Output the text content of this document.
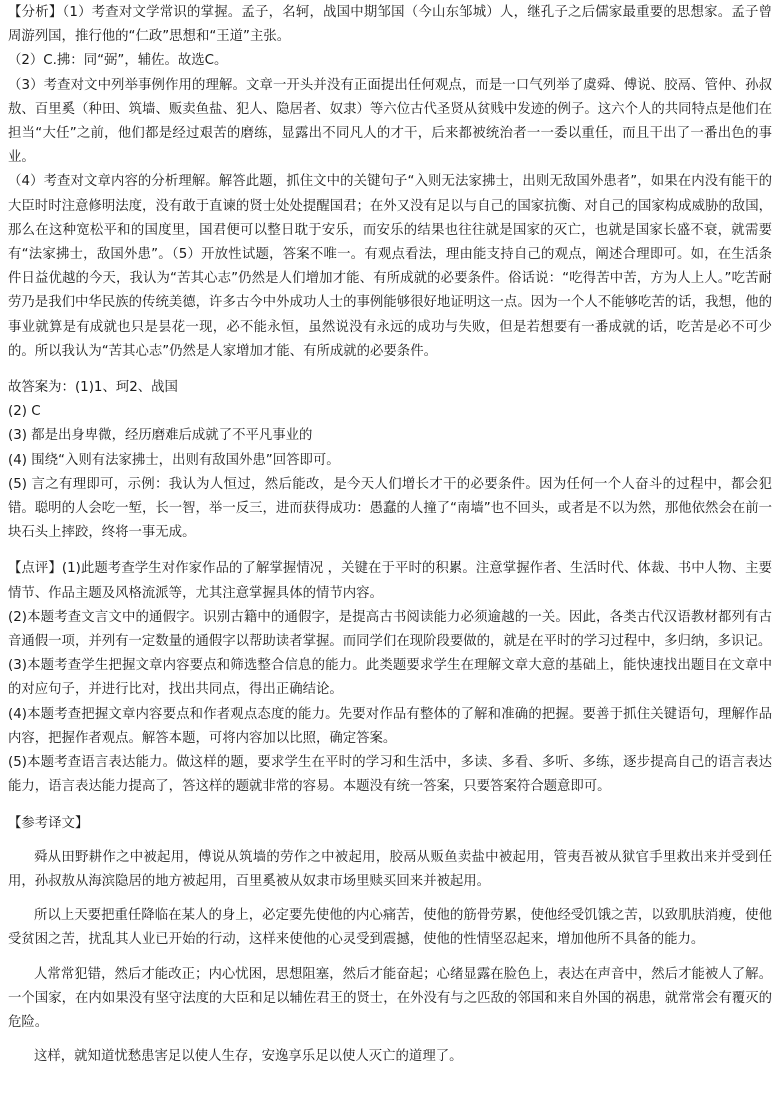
【分析】（1）考查对文学常识的掌握。孟子，名轲，战国中期邹国（今山东邹城）人，继孔子之后儒家最重要的思想家。孟子曾周游列国，推行他的“仁政”思想和“王道”主张。

（2）C.拂：同“弼”，辅佐。故选C。

（3）考查对文中列举事例作用的理解。文章一开头并没有正面提出任何观点，而是一口气列举了虞舜、傅说、胶鬲、管仲、孙叔敖、百里奚（种田、筑墙、贩卖鱼盐、犯人、隐居者、奴隶）等六位古代圣贤从贫贱中发迹的例子。这六个人的共同特点是他们在担当“大任”之前，他们都是经过艰苦的磨练，显露出不同凡人的才干，后来都被统治者一一委以重任，而且干出了一番出色的事业。

（4）考查对文章内容的分析理解。解答此题，抓住文中的关键句子“入则无法家拂士，出则无敌国外患者”，如果在内没有能干的大臣时时注意修明法度，没有敢于直谏的贤士处处提醒国君；在外又没有足以与自己的国家抗衡、对自己的国家构成威胁的敌国，那么在这种宽松平和的国度里，国君便可以整日耽于安乐，而安乐的结果也往往就是国家的灭亡，也就是国家长盛不衰，就需要有“法家拂士，敌国外患”。（5）开放性试题，答案不唯一。有观点看法，理由能支持自己的观点，阐述合理即可。如，在生活条件日益优越的今天，我认为“苦其心志”仍然是人们增加才能、有所成就的必要条件。俗话说：“吃得苦中苦，方为人上人。”吃苦耐劳乃是我们中华民族的传统美德，许多古今中外成功人士的事例能够很好地证明这一点。因为一个人不能够吃苦的话，我想，他的事业就算是有成就也只是昙花一现，必不能永恒，虽然说没有永远的成功与失败，但是若想要有一番成就的话，吃苦是必不可少的。所以我认为“苦其心志”仍然是人家增加才能、有所成就的必要条件。

故答案为：(1)1、珂2、战国

(2) C

(3) 都是出身卑微，经历磨难后成就了不平凡事业的

(4) 围绕“入则有法家拂士，出则有敌国外患”回答即可。

(5) 言之有理即可，示例：我认为人恒过，然后能改，是今天人们增长才干的必要条件。因为任何一个人奋斗的过程中，都会犯错。聪明的人会吃一堑，长一智，举一反三，进而获得成功：愚蠢的人撞了“南墙”也不回头，或者是不以为然，那他依然会在前一块石头上摔跤，终将一事无成。

【点评】(1)此题考查学生对作家作品的了解掌握情况 ，关键在于平时的积累。注意掌握作者、生活时代、体裁、书中人物、主要情节、作品主题及风格流派等，尤其注意掌握具体的情节内容。

(2)本题考查文言文中的通假字。识别古籍中的通假字，是提高古书阅读能力必须逾越的一关。因此，各类古代汉语教材都列有古音通假一项，并列有一定数量的通假字以帮助读者掌握。而同学们在现阶段要做的，就是在平时的学习过程中，多归纳，多识记。

(3)本题考查学生把握文章内容要点和筛选整合信息的能力。此类题要求学生在理解文章大意的基础上，能快速找出题目在文章中的对应句子，并进行比对，找出共同点，得出正确结论。

(4)本题考查把握文章内容要点和作者观点态度的能力。先要对作品有整体的了解和准确的把握。要善于抓住关键语句，理解作品内容，把握作者观点。解答本题，可将内容加以比照，确定答案。

(5)本题考查语言表达能力。做这样的题，要求学生在平时的学习和生活中，多读、多看、多听、多练，逐步提高自己的语言表达能力，语言表达能力提高了，答这样的题就非常的容易。本题没有统一答案，只要答案符合题意即可。

【参考译文】

舜从田野耕作之中被起用，傅说从筑墙的劳作之中被起用，胶鬲从贩鱼卖盐中被起用，管夷吾被从狱官手里救出来并受到任用，孙叔敖从海滨隐居的地方被起用，百里奚被从奴隶市场里赎买回来并被起用。

所以上天要把重任降临在某人的身上，必定要先使他的内心痛苦，使他的筋骨劳累，使他经受饥饿之苦，以致肌肤消瘦，使他受贫困之苦，扰乱其人业已开始的行动，这样来使他的心灵受到震撼，使他的性情坚忍起来，增加他所不具备的能力。

人常常犯错，然后才能改正；内心忧困，思想阻塞，然后才能奋起；心绪显露在脸色上，表达在声音中，然后才能被人了解。一个国家，在内如果没有坚守法度的大臣和足以辅佐君王的贤士，在外没有与之匹敌的邻国和来自外国的祸患，就常常会有覆灭的危险。

这样，就知道忧愁患害足以使人生存，安逸享乐足以使人灭亡的道理了。
